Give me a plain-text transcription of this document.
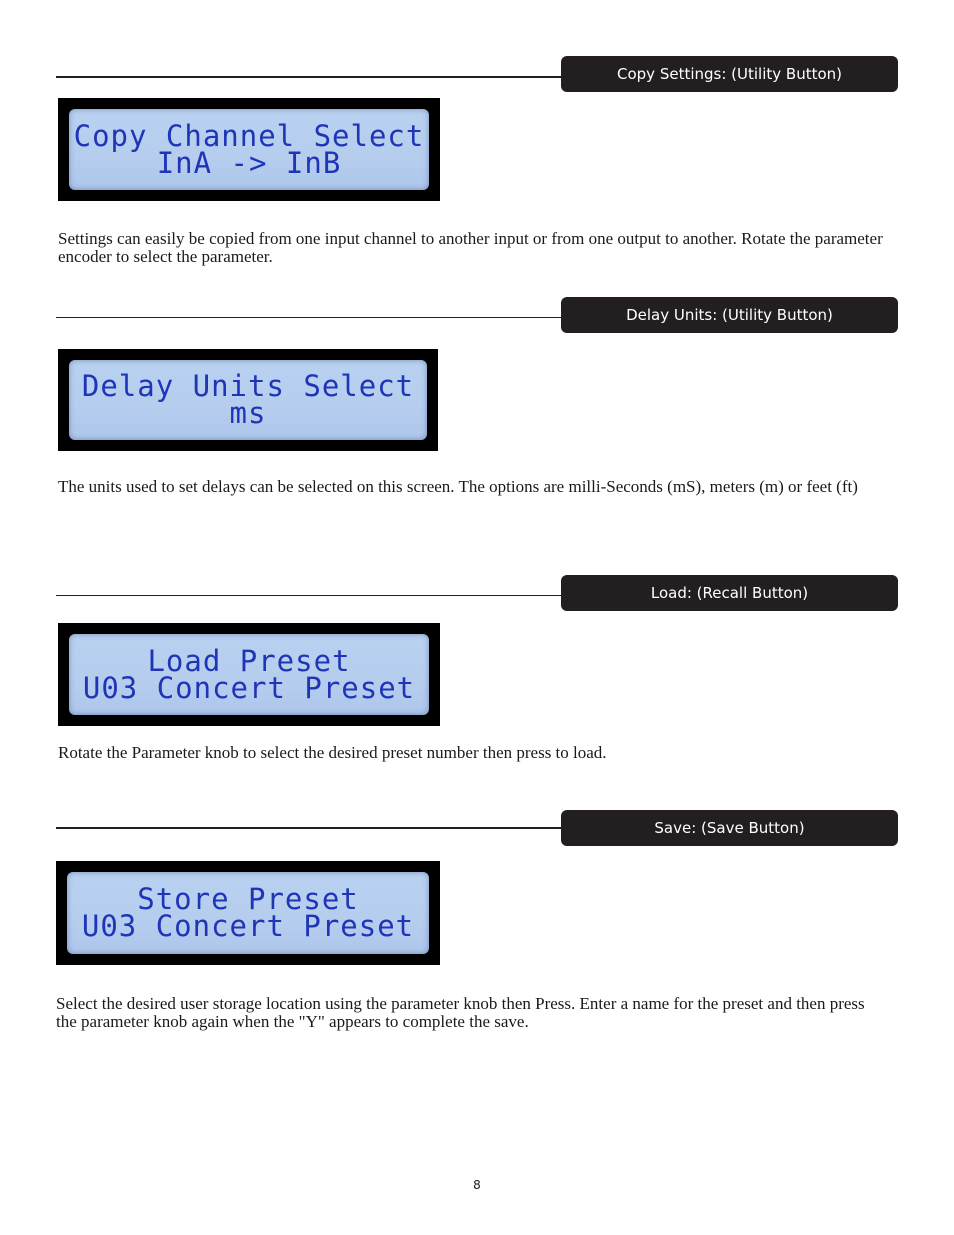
Copy Settings: (Utility Button)
Copy Channel Select
InA -> InB

Settings can easily be copied from one input channel to another input or from one output to another. Rotate the parameter encoder to select the parameter.

Delay Units: (Utility Button)
Delay Units Select
ms

The units used to set delays can be selected on this screen. The options are milli-Seconds (mS), meters (m) or feet (ft)

Load: (Recall Button)
Load Preset
U03 Concert Preset

Rotate the Parameter knob to select the desired preset number then press to load.

Save: (Save Button)
Store Preset
U03 Concert Preset

Select the desired user storage location using the parameter knob then Press. Enter a name for the preset and then press the parameter knob again when the "Y" appears to complete the save.

8
